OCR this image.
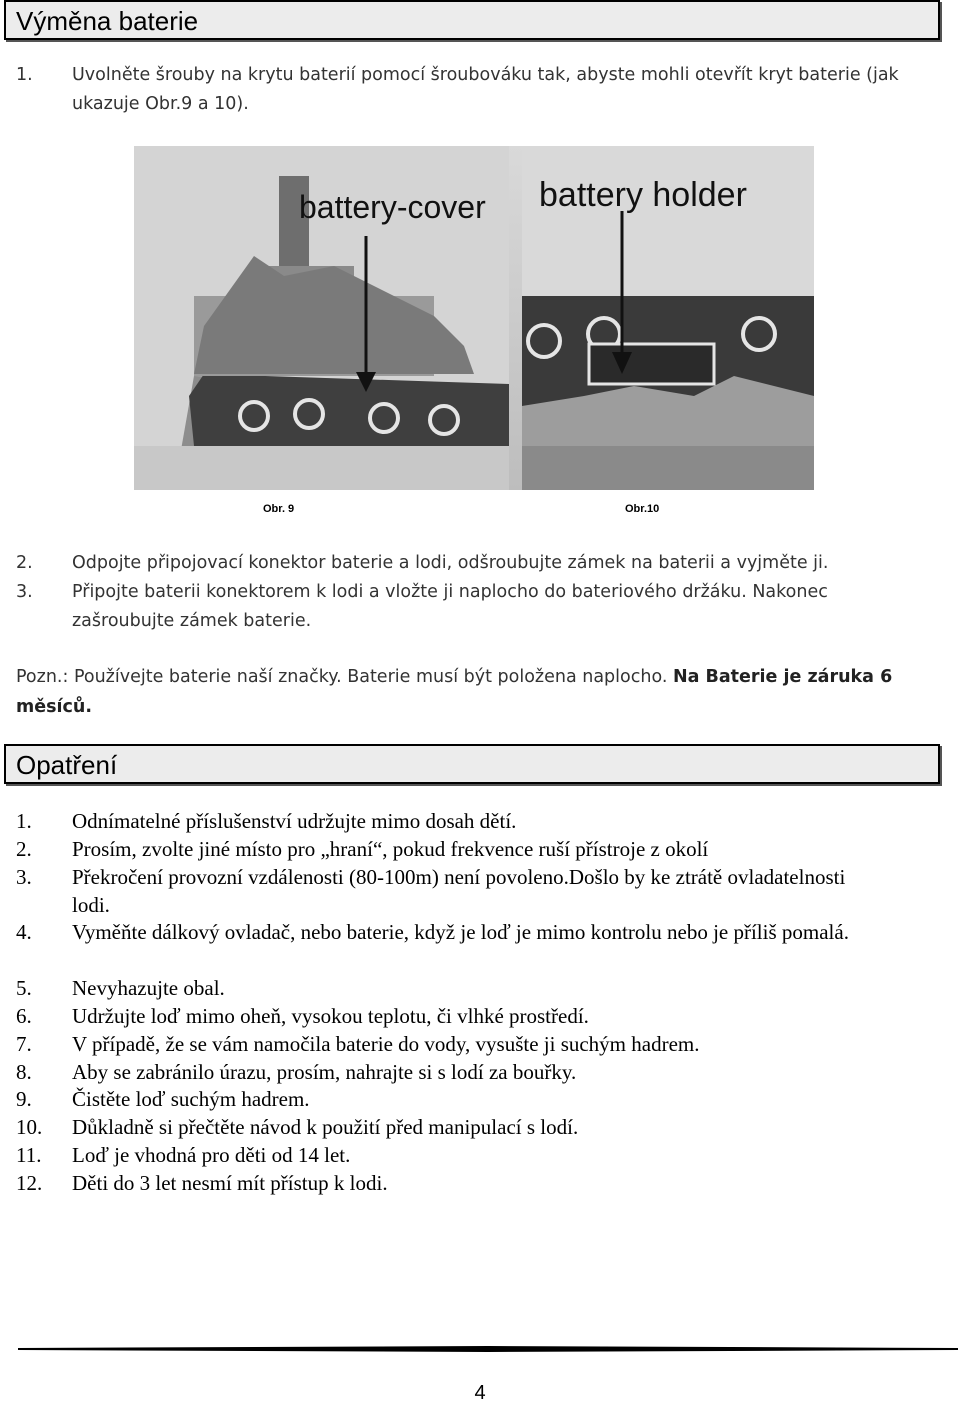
Výměna baterie
1. Uvolněte šrouby na krytu baterií pomocí šroubováku tak, abyste mohli otevřít kryt baterie (jak ukazuje Obr.9 a 10).
battery-cover battery holder
Obr. 9	Obr.10
2. Odpojte připojovací konektor baterie a lodi, odšroubujte zámek na baterii a vyjměte ji.
3. Připojte baterii konektorem k lodi a vložte ji naplocho do bateriového držáku. Nakonec zašroubujte zámek baterie.
Pozn.: Používejte baterie naší značky. Baterie musí být položena naplocho. Na Baterie je záruka 6 měsíců.
Opatření
1. Odnímatelné příslušenství udržujte mimo dosah dětí.
2. Prosím, zvolte jiné místo pro „hraní“, pokud frekvence ruší přístroje z okolí
3. Překročení provozní vzdálenosti (80-100m) není povoleno.Došlo by ke ztrátě ovladatelnosti lodi.
4. Vyměňte dálkový ovladač, nebo baterie, když je loď je mimo kontrolu nebo je příliš pomalá.
5. Nevyhazujte obal.
6. Udržujte loď mimo oheň, vysokou teplotu, či vlhké prostředí.
7. V případě, že se vám namočila baterie do vody, vysušte ji suchým hadrem.
8. Aby se zabránilo úrazu, prosím, nahrajte si s lodí za bouřky.
9. Čistěte loď suchým hadrem.
10. Důkladně si přečtěte návod k použití před manipulací s lodí.
11. Loď je vhodná pro děti od 14 let.
12. Děti do 3 let nesmí mít přístup k lodi.
4
